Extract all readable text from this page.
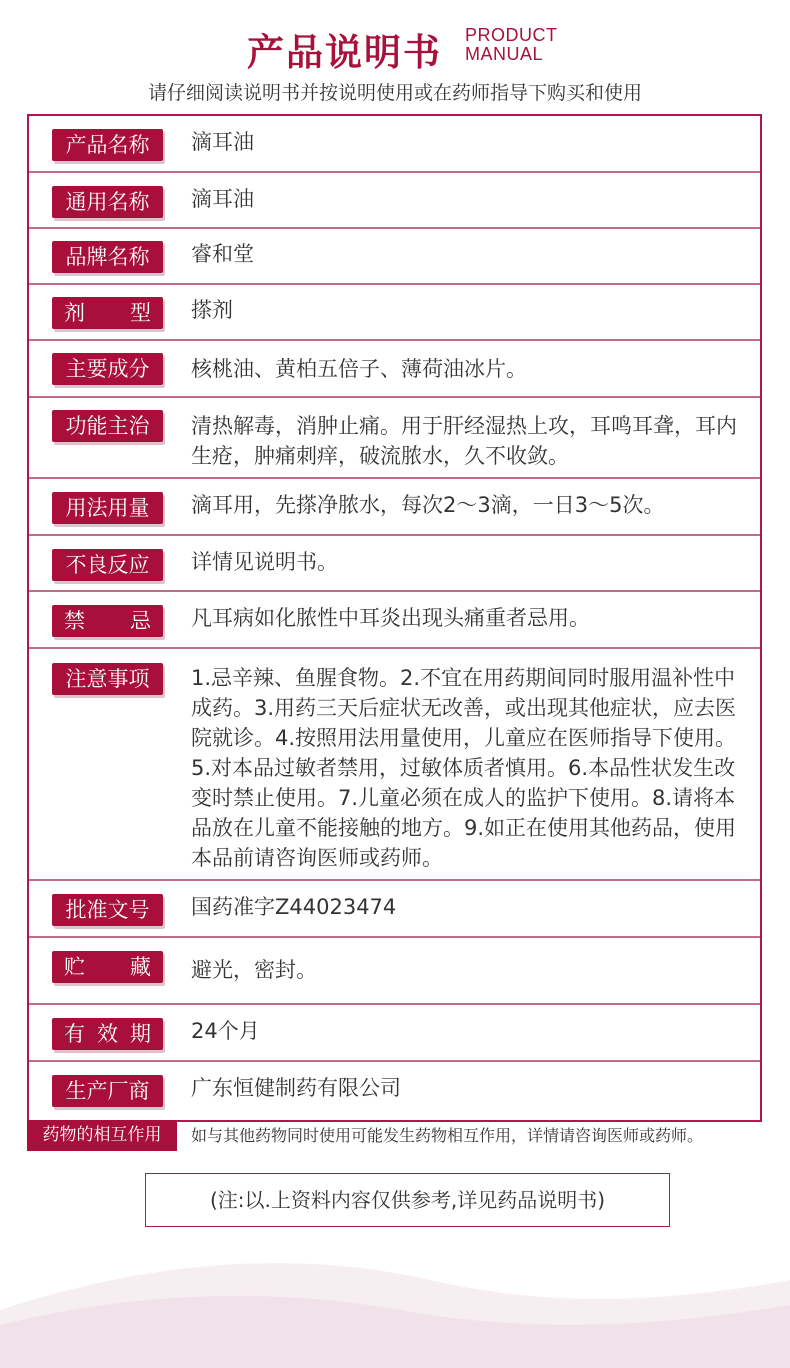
产品说明书 PRODUCT
MANUAL
请仔细阅读说明书并按说明使用或在药师指导下购买和使用
产品名称 滴耳油
通用名称 滴耳油
品牌名称 睿和堂
剂 型 搽剂
主要成分 核桃油、黄柏五倍子、薄荷油冰片。
功能主治 清热解毒，消肿止痛。用于肝经湿热上攻，耳鸣耳聋，耳内生疮，肿痛刺痒，破流脓水，久不收敛。
用法用量 滴耳用，先搽净脓水，每次2～3滴，一日3～5次。
不良反应 详情见说明书。
禁 忌 凡耳病如化脓性中耳炎出现头痛重者忌用。
注意事项 1.忌辛辣、鱼腥食物。2.不宜在用药期间同时服用温补性中成药。3.用药三天后症状无改善，或出现其他症状，应去医院就诊。4.按照用法用量使用，儿童应在医师指导下使用。5.对本品过敏者禁用，过敏体质者慎用。6.本品性状发生改变时禁止使用。7.儿童必须在成人的监护下使用。8.请将本品放在儿童不能接触的地方。9.如正在使用其他药品，使用本品前请咨询医师或药师。
批准文号 国药准字Z44023474
贮 藏 避光，密封。
有 效 期 24个月
生产厂商 广东恒健制药有限公司
药物的相互作用	如与其他药物同时使用可能发生药物相互作用，详情请咨询医师或药师。
(注:以.上资料内容仅供参考,详见药品说明书)
